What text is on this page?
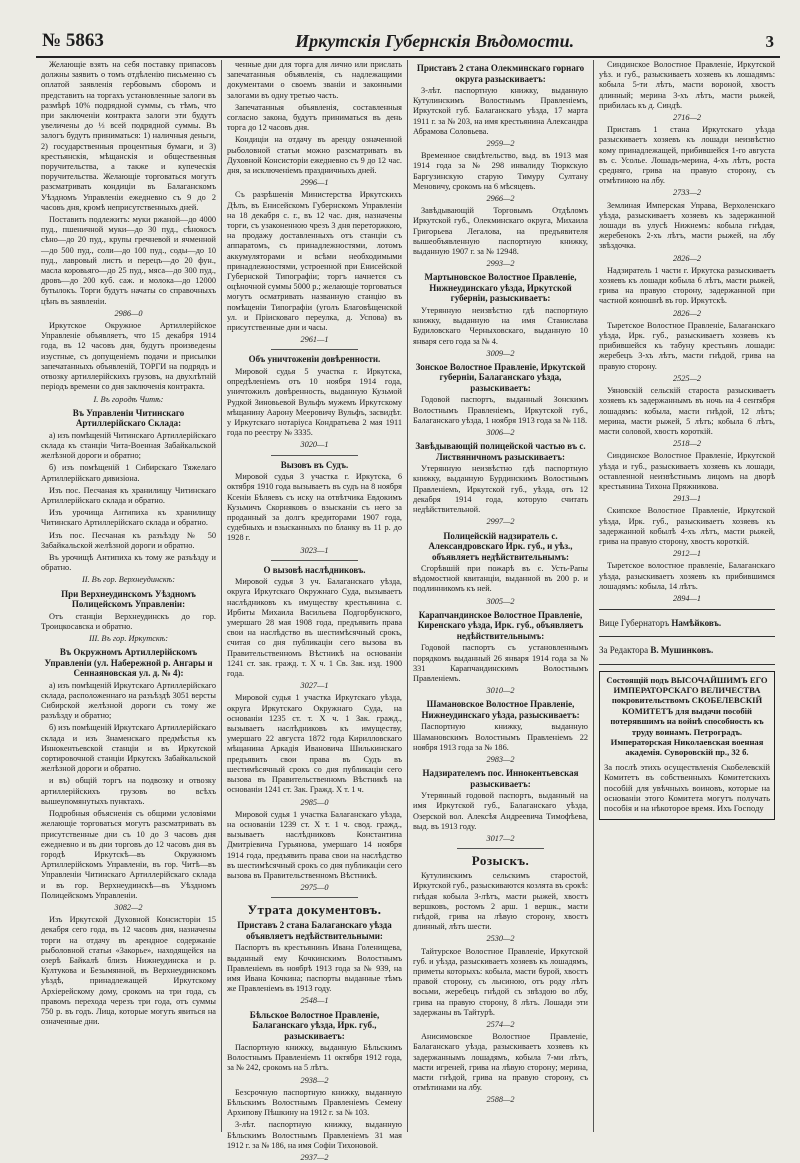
№ 5863	Иркутскія Губернскія Вѣдомости.	3

Желающіе взять на себя поставку припасовъ должны заявить о томъ отдѣленію письменно съ оплатой заявленія гербовымъ сборомъ и представить на торгахъ установленные залоги въ размѣрѣ 10% подрядной суммы, съ тѣмъ, что при заключеніи контракта залоги эти будутъ увеличены до ⅓ всей подрядной суммы. Въ залогъ будутъ приниматься: 1) наличныя деньги, 2) государственныя процентныя бумаги, и 3) крестьянскія, мѣщанскія и общественныя поручительства, а также и купеческія поручительства. Желающіе торговаться могутъ разсматривать кондиціи въ Балаганскомъ Уѣздномъ Управленіи ежедневно съ 9 до 2 часовъ дня, кромѣ неприсутственныхъ дней.

Поставить подлежитъ: муки ржаной—до 4000 пуд., пшеничной муки—до 30 пуд., сѣнокосъ сѣно—до 20 пуд., крупы гречневой и ячменной—до 500 пуд., соли—до 100 пуд., соды—до 10 пуд., лавровый листъ и перецъ—до 20 фун., масла коровьяго—до 25 пуд., мяса—до 300 пуд., дровъ—до 200 куб. саж. и молока—до 12000 бутылокъ. Торги будутъ начаты со справочныхъ цѣнъ въ заявленіи.

2986—0

Иркутское Окружное Артиллерійское Управленіе объявляетъ, что 15 декабря 1914 года, въ 12 часовъ дня, будутъ произведены изустные, съ допущеніемъ подачи и присылки запечатанныхъ объявленій, ТОРГИ на подрядъ и отвозку артиллерійскихъ грузовъ, на двухлѣтній періодъ времени со дня заключенія контракта.

I. Въ городѣ Читѣ:

Въ Управленіи Читинскаго Артиллерійскаго Склада:

а) изъ помѣщеній Читинскаго Артиллерійскаго склада къ станціи Чита-Военная Забайкальской желѣзной дороги и обратно;

б) изъ помѣщеній 1 Сибирскаго Тяжелаго Артиллерійскаго дивизіона.

Изъ пос. Песчаная къ хранилищу Читинскаго Артиллерійскаго склада и обратно.

Изъ урочища Антипиха къ хранилищу Читинскаго Артиллерійскаго склада и обратно.

Изъ пос. Песчаная къ разъѣзду № 50 Забайкальской желѣзной дороги и обратно.

Въ урочищѣ Антипиха къ тому же разъѣзду и обратно.

II. Въ гор. Верхнеудинскѣ:

При Верхнеудинскомъ Уѣздномъ Полицейскомъ Управленіи:

Отъ станціи Верхнеудинскъ до гор. Троицкосавска и обратно.

III. Въ гор. Иркутскѣ:

Въ Окружномъ Артиллерійскомъ Управленіи (ул. Набережной р. Ангары и Сеннаяновская ул. д. № 4):

а) изъ помѣщеній Иркутскаго Артиллерійскаго склада, расположеннаго на разъѣздѣ 3051 версты Сибирской желѣзной дороги съ тому же разъѣзду и обратно;

б) изъ помѣщеній Иркутскаго Артиллерійскаго склада и изъ Знаменскаго предмѣстья къ Иннокентьевской станціи и въ Иркутской сортировочной станціи Иркутскъ Забайкальской желѣзной дороги и обратно.

и въ) общій торгъ на подвозку и отвозку артиллерійскихъ грузовъ во всѣхъ вышеупомянутыхъ пунктахъ.

Подробныя объясненія съ общими условіями желающіе торговаться могутъ разсматривать въ присутственные дни съ 10 до 3 часовъ дня ежедневно и въ дни торговъ до 12 часовъ дня въ городѣ Иркутскѣ—въ Окружномъ Артиллерійскомъ Управленіи, въ гор. Читѣ—въ Управленіи Читинскаго Артиллерійскаго склада и въ гор. Верхнеудинскѣ—въ Уѣздномъ Полицейскомъ Управленіи.

3082—2

Изъ Иркутской Духовной Консисторіи 15 декабря сего года, въ 12 часовъ дня, назначены торги на отдачу въ арендное содержаніе рыболовной статьи «Закорье», находящейся на озерѣ Байкалѣ близъ Нижнеудинска и р. Култукова и Безымянной, въ Верхнеудинскомъ уѣздѣ, принадлежащей Иркутскому Архіерейскому дому, срокомъ на три года, съ правомъ перехода черезъ три года, отъ суммы 750 р. въ годъ. Лица, которые могутъ явиться на означенные дни.

ченные дни для торга для лично или прислать запечатанныя объявленія, съ надлежащими документами о своемъ званіи и законными залогами въ одну третью часть.

Запечатанныя объявленія, составленныя согласно закона, будутъ приниматься въ день торга до 12 часовъ дня.

Кондиціи на отдачу въ аренду означенной рыболовной статьи можно разсматривать въ Духовной Консисторіи ежедневно съ 9 до 12 час. дня, за исключеніемъ праздничныхъ дней.

2996—1

Съ разрѣшенія Министерства Иркутскихъ Дѣлъ, въ Енисейскомъ Губернскомъ Управленіи на 18 декабря с. г., въ 12 час. дня, назначены торги, съ узаконенною чрезъ 3 дня переторжкою, на продажу доставленныхъ отъ станціи съ аппаратомъ, съ принадлежностями, лотомъ аккумуляторами и всѣми необходимыми принадлежностями, устроенной при Енисейской Губернской Типографіи; торгъ начнется съ оцѣночной суммы 5000 р.; желающіе торговаться могутъ осматривать названную станцію въ помѣщеніи Типографіи (уголъ Благовѣщенской ул. и Пріисковаго переулка, д. Успова) въ присутственные дни и часы.

2961—1

Объ уничтоженіи довѣренности.

Мировой судья 5 участка г. Иркутска, опредѣленіемъ отъ 10 ноября 1914 года, уничтожилъ довѣренность, выданную Кузьмой Рудкой Зиновьевой Вульфъ мужемъ Иркутскому мѣщанину Аарону Мееровичу Вульфъ, засвидѣт. у Иркутскаго нотаріуса Кондратьева 2 мая 1911 года по реестру № 3335.

3020—1

Вызовъ въ Судъ.

Мировой судья 3 участка г. Иркутска, 6 октября 1910 года вызываетъ въ судъ на 8 ноября Ксеніи Бѣляевъ съ иску на отвѣтчика Евдокимъ Кузьмичъ Скорняковъ о взысканіи съ него за проданный за долгъ кредиторами 1907 года, судебныхъ и взысканныхъ по бланку въ 11 р. до 1928 г.

3023—1

О вызовѣ наслѣдниковъ.

Мировой судья 3 уч. Балаганскаго уѣзда, округа Иркутскаго Окружнаго Суда, вызываетъ наслѣдниковъ къ имуществу крестьянина с. Ирбиты Михаила Васильева Подгорбунского, умершаго 28 мая 1908 года, предъявить права свои на наслѣдство въ шестимѣсячный срокъ, считая со дня публикаціи сего вызова въ Правительственномъ Вѣстникѣ на основаніи 1241 ст. зак. гражд. т. X ч. 1 Св. Зак. изд. 1900 года.

3027—1

Мировой судья 1 участка Иркутскаго уѣзда, округа Иркутскаго Окружнаго Суда, на основаніи 1235 ст. т. X ч. 1 Зак. гражд., вызываетъ наслѣдниковъ къ имуществу, умершаго 22 августа 1872 года Кирилловскаго мѣщанина Аркадія Ивановича Шилькинскаго предъявить свои права въ Судъ въ шестимѣсячный срокъ со дня публикаціи сего вызова въ Правительственномъ Вѣстникѣ на основаніи 1241 ст. Зак. Гражд. X т. 1 ч.

2985—0

Мировой судья 1 участка Балаганскаго уѣзда, на основаніи 1239 ст. X т. 1 ч. свод. гражд., вызываетъ наслѣдниковъ Константина Дмитріевича Гурьянова, умершаго 14 ноября 1914 года, предъявить права свои на наслѣдство въ шестимѣсячный срокъ со дня публикаціи сего вызова въ Правительственномъ Вѣстникѣ.

2975—0

Утрата документовъ.

Приставъ 2 стана Балаганскаго уѣзда объявляетъ недѣйствительными:

Паспортъ въ крестьянинъ Ивана Голенищева, выданный ему Кочкинскимъ Волостнымъ Правленіемъ въ ноябрѣ 1913 года за № 939, на имя Ивана Кочкина; паспорты выданные тѣмъ же Правленіемъ въ 1913 году.

2548—1

Бѣльское Волостное Правленіе, Балаганскаго уѣзда, Ирк. губ., разыскиваетъ:

Паспортную книжку, выданную Бѣльскимъ Волостнымъ Правленіемъ 11 октября 1912 года, за № 242, срокомъ на 5 лѣтъ.

2938—2

Безсрочную паспортную книжку, выданную Бѣльскимъ Волостнымъ Правленіемъ Семену Архипову Пѣшкину на 1912 г. за № 103.

3-лѣт. паспортную книжку, выданную Бѣльскимъ Волостнымъ Правленіемъ 31 мая 1912 г. за № 186, на имя Софіи Тихоновой.

2937—2

Приставъ 2 стана Олекминскаго горнаго округа разыскиваетъ:

3-лѣт. паспортную книжку, выданную Кутулинскимъ Волостнымъ Правленіемъ, Иркутской губ. Балаганскаго уѣзда, 17 марта 1911 г. за № 203, на имя крестьянина Александра Абрамова Соловьева.

2959—2

Временное свидѣтельство, выд. въ 1913 мая 1914 года за № 298 инвалиду Тюркскую Баргузинскую старую Тимуру Султану Меновичу, срокомъ на 6 мѣсяцевъ.

2966—2

Завѣдывающій Торговымъ Отдѣломъ Иркутской губ., Олекминскаго округа, Михаила Григорьева Легалова, на предъявителя вышеобъявленную паспортную книжку, выданную 1907 г. за № 12948.

2993—2

Мартыновское Волостное Правленіе, Нижнеудинскаго уѣзда, Иркутской губерніи, разыскиваетъ:

Утерянную неизвѣстно гдѣ паспортную книжку, выданную на имя Станислава Будиловскаго Черныховскаго, выданную 10 января сего года за № 4.

3009—2

Зонское Волостное Правленіе, Иркутской губерніи, Балаганскаго уѣзда, разыскиваетъ:

Годовой паспортъ, выданный Зонскимъ Волостнымъ Правленіемъ, Иркутской губ., Балаганскаго уѣзда, 1 ноября 1913 года за № 118.

3006—2

Завѣдывающій полицейской частью въ с. Листвяничномъ разыскиваетъ:

Утерянную неизвѣстно гдѣ паспортную книжку, выданную Бурдинскимъ Волостнымъ Правленіемъ, Иркутской губ., уѣзда, отъ 12 декабря 1914 года, которую считать недѣйствительной.

2997—2

Полицейскій надзиратель с. Александровскаго Ирк. губ., и уѣз., объявляетъ недѣйствительнымъ:

Сгорѣвшій при пожарѣ въ с. Усть-Рапы вѣдомостной квитанціи, выданной въ 200 р. и подлинникомъ къ ней.

3005—2

Карапчандинское Волостное Правленіе, Киренскаго уѣзда, Ирк. губ., объявляетъ недѣйствительнымъ:

Годовой паспортъ съ установленнымъ порядкомъ выданный 26 января 1914 года за № 331 Карапчандинскимъ Волостнымъ Правленіемъ.

3010—2

Шамановское Волостное Правленіе, Нижнеудинскаго уѣзда, разыскиваетъ:

Паспортную книжку, выданную Шамановскимъ Волостнымъ Правленіемъ 22 ноября 1913 года за № 186.

2983—2

Надзирателемъ пос. Иннокентьевская разыскиваетъ:

Утерянный годовой паспортъ, выданный на имя Иркутской губ., Балаганскаго уѣзда, Озерской вол. Алексѣя Андреевича Тимофѣева, выд. въ 1913 году.

3017—2

Розыскъ.

Кутулинскимъ сельскимъ старостой, Иркутской губ., разыскиваются козлята въ срокѣ: гнѣдая кобыла 3-лѣтъ, масти рыжей, хвостъ вершковъ, ростомъ 2 арш. 1 вершк., масти гнѣдой, грива на лѣвую сторону, хвостъ длинный, лѣтъ шести.

2530—2

Тайтурское Волостное Правленіе, Иркутской губ. и уѣзда, разыскиваетъ хозяевъ къ лошадямъ, приметы которыхъ: кобыла, масти бурой, хвостъ правой сторону, съ лысиною, отъ роду лѣтъ восьми, жеребецъ гнѣдой съ звѣздою во лбу, грива на правую сторону, 8 лѣтъ. Лошади эти задержаны въ Тайтурѣ.

2574—2

Анисимовское Волостное Правленіе, Балаганскаго уѣзда, разыскиваетъ хозяевъ къ задержаннымъ лошадямъ, кобыла 7-ми лѣтъ, масти игреней, грива на лѣвую сторону; мерина, масти гнѣдой, грива на правую сторону, съ отмѣтинами на лбу.

2588—2

Синдинское Волостное Правленіе, Иркутской уѣз. и губ., разыскиваетъ хозяевъ къ лошадямъ: кобыла 5-ти лѣтъ, масти вороной, хвостъ длинный; мерина 3-хъ лѣтъ, масти рыжей, прибилась къ д. Синдѣ.

2716—2

Приставъ 1 стана Иркутскаго уѣзда разыскиваетъ хозяевъ къ лошади неизвѣстно кому принадлежащей, прибившейся 1-го августа въ с. Усолье. Лошадь-мерина, 4-хъ лѣтъ, роста средняго, грива на правую сторону, съ отмѣтиною на лбу.

2733—2

Землиная Имперская Управа, Верхоленскаго уѣзда, разыскиваетъ хозяевъ къ задержанной лошади въ улусѣ Нижнемъ: кобыла гнѣдая, жеребенокъ 2-хъ лѣтъ, масти рыжей, на лбу звѣздочка.

2826—2

Надзиратель 1 части г. Иркутска разыскиваетъ хозяевъ къ лошади кобыла 6 лѣтъ, масти рыжей, грива на правую сторону, задержанной при частной конюшнѣ въ гор. Иркутскѣ.

2826—2

Тыретское Волостное Правленіе, Балаганскаго уѣзда, Ирк. губ., разыскиваетъ хозяевъ къ прибившейся къ табуну крестьянъ лошади: жеребецъ 3-хъ лѣтъ, масти гнѣдой, грива на правую сторону.

2525—2

Уяновскій сельскій староста разыскиваетъ хозяевъ къ задержаннымъ въ ночь на 4 сентября лошадямъ: кобыла, масти гнѣдой, 12 лѣтъ; мерина, масти рыжей, 5 лѣтъ; кобыла 6 лѣтъ, масти соловой, хвостъ короткій.

2518—2

Синдинское Волостное Правленіе, Иркутской уѣзда и губ., разыскиваетъ хозяевъ къ лошади, оставленной неизвѣстнымъ лицомъ на дворѣ крестьянина Тихона Пряжникова.

2913—1

Скипское Волостное Правленіе, Иркутской уѣзда, Ирк. губ., разыскиваетъ хозяевъ къ задержанной кобылѣ 4-хъ лѣтъ, масти рыжей, грива на правую сторону, хвостъ короткій.

2912—1

Тыретское волостное правленіе, Балаганскаго уѣзда, разыскиваетъ хозяевъ къ прибившимся лошадямъ: кобыла, 14 лѣтъ.

2894—1

Вице Губернаторъ Намѣйковъ.

За Редактора В. Мушинковъ.

Состоящій подъ ВЫСОЧАЙШИМЪ ЕГО ИМПЕРАТОРСКАГО ВЕЛИЧЕСТВА покровительствомъ СКОБЕЛЕВСКІЙ КОМИТЕТЪ для выдачи пособій потерявшимъ на войнѣ способность къ труду воинамъ. Петроградъ. Императорская Николаевская военная академія. Суворовскій пр., 32 б.

За послѣ этихъ осуществленія Скобелевскій Комитетъ въ собственныхъ Комитетскихъ пособій для увѣчныхъ воиновъ, которые на основаніи этого Комитета могутъ получать пособія и на нѣкоторое время. Ихъ Господу
